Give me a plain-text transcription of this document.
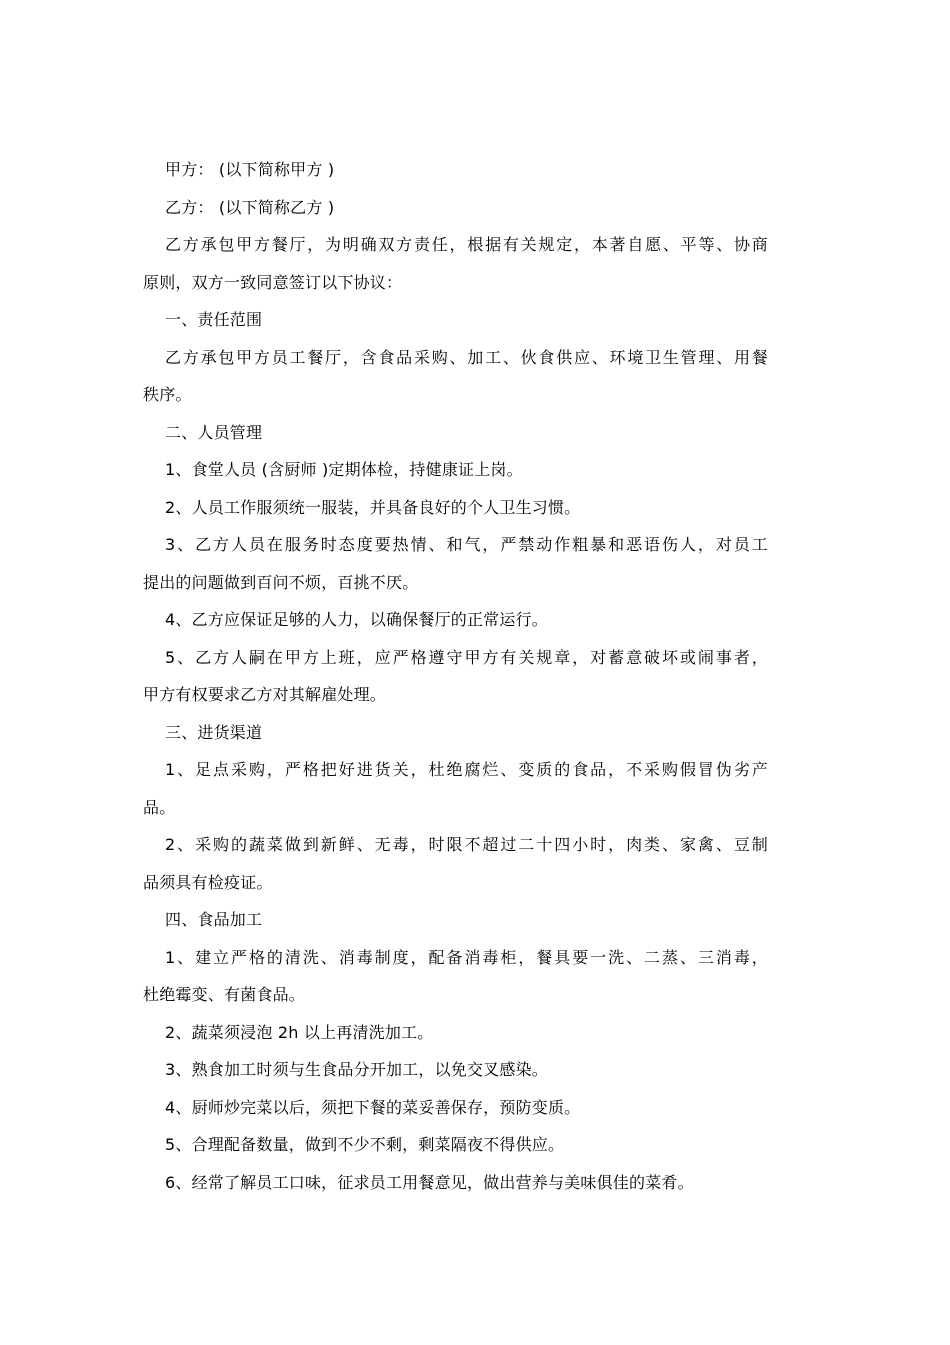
甲方： (以下简称甲方 )
乙方： (以下简称乙方 )
乙方承包甲方餐厅，为明确双方责任，根据有关规定，本著自愿、平等、协商
原则，双方一致同意签订以下协议：
一、责任范围
乙方承包甲方员工餐厅，含食品采购、加工、伙食供应、环境卫生管理、用餐
秩序。
二、人员管理
1、食堂人员 (含厨师 )定期体检，持健康证上岗。
2、人员工作服须统一服装，并具备良好的个人卫生习惯。
3、乙方人员在服务时态度要热情、和气，严禁动作粗暴和恶语伤人，对员工
提出的问题做到百问不烦，百挑不厌。
4、乙方应保证足够的人力，以确保餐厅的正常运行。
5、乙方人嗣在甲方上班，应严格遵守甲方有关规章，对蓄意破坏或闹事者，
甲方有权要求乙方对其解雇处理。
三、进货渠道
1、足点采购，严格把好进货关，杜绝腐烂、变质的食品，不采购假冒伪劣产
品。
2、采购的蔬菜做到新鲜、无毒，时限不超过二十四小时，肉类、家禽、豆制
品须具有检疫证。
四、食品加工
1、建立严格的清洗、消毒制度，配备消毒柜，餐具要一洗、二蒸、三消毒，
杜绝霉变、有菌食品。
2、蔬菜须浸泡 2h 以上再清洗加工。
3、熟食加工时须与生食品分开加工，以免交叉感染。
4、厨师炒完菜以后，须把下餐的菜妥善保存，预防变质。
5、合理配备数量，做到不少不剩，剩菜隔夜不得供应。
6、经常了解员工口味，征求员工用餐意见，做出营养与美味俱佳的菜肴。
